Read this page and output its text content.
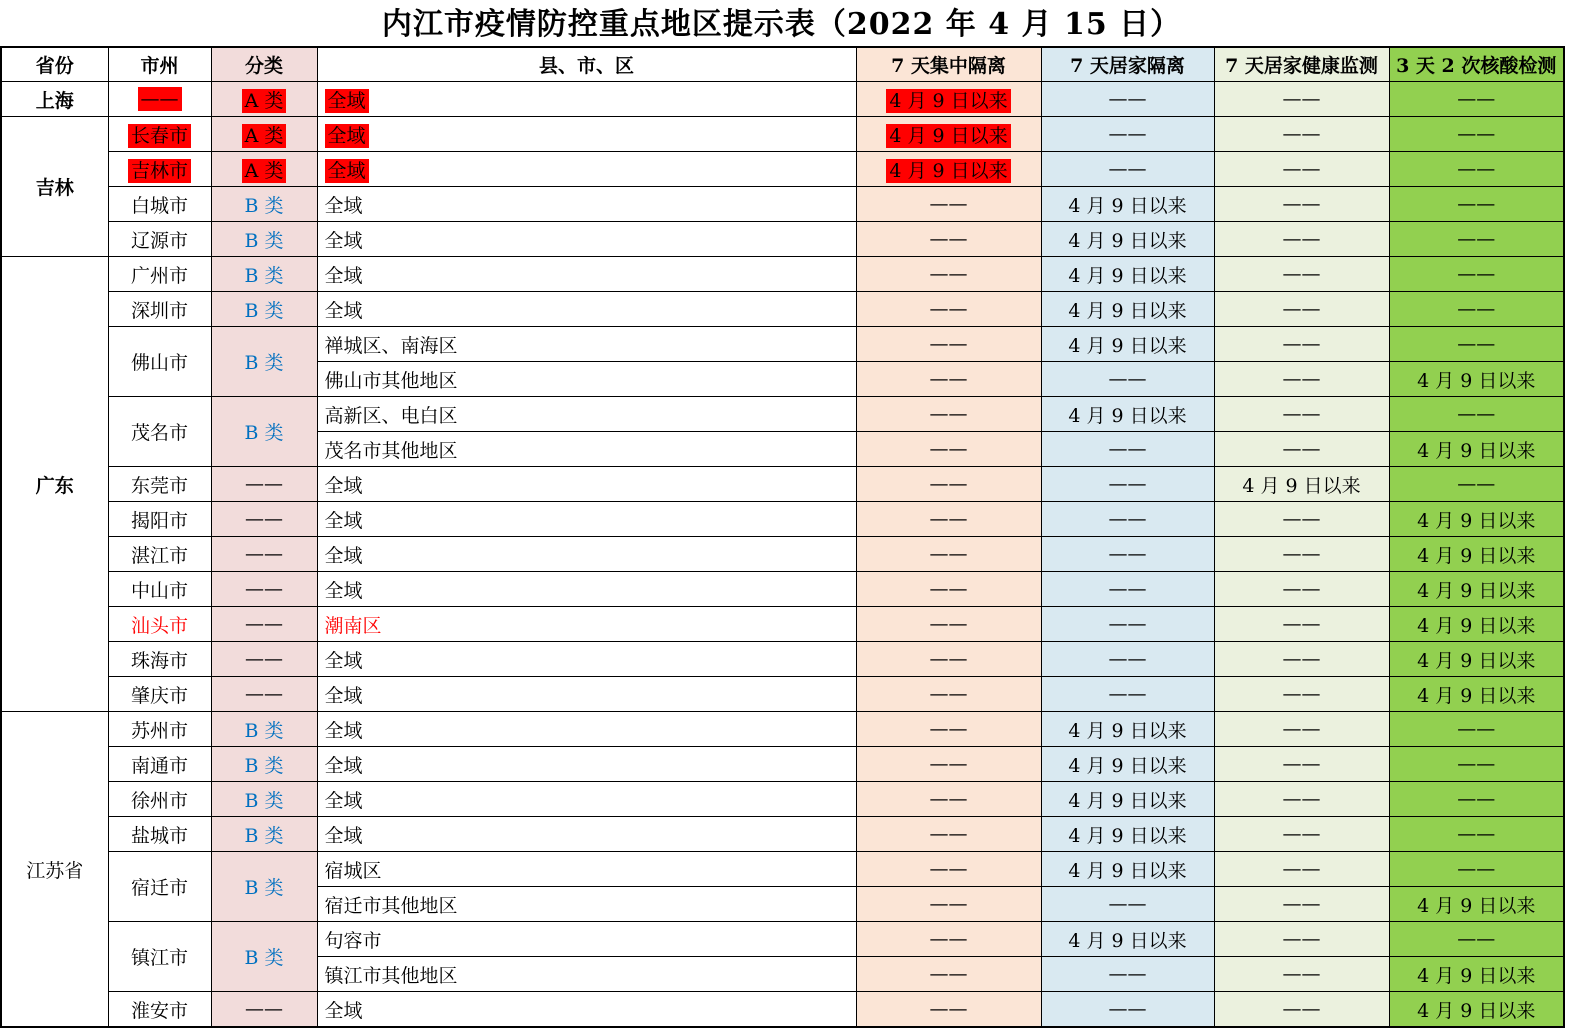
内江市疫情防控重点地区提示表（2022 年 4 月 15 日）
省份	市州	分类	县、市、区	7 天集中隔离	7 天居家隔离	7 天居家健康监测	3 天 2 次核酸检测
上海	——	A 类	全域	4 月 9 日以来	——	——	——
吉林	长春市	A 类	全域	4 月 9 日以来	——	——	——
	吉林市	A 类	全域	4 月 9 日以来	——	——	——
	白城市	B 类	全域	——	4 月 9 日以来	——	——
	辽源市	B 类	全域	——	4 月 9 日以来	——	——
广东	广州市	B 类	全域	——	4 月 9 日以来	——	——
	深圳市	B 类	全域	——	4 月 9 日以来	——	——
	佛山市	B 类	禅城区、南海区	——	4 月 9 日以来	——	——
			佛山市其他地区	——	——	——	4 月 9 日以来
	茂名市	B 类	高新区、电白区	——	4 月 9 日以来	——	——
			茂名市其他地区	——	——	——	4 月 9 日以来
	东莞市	——	全域	——	——	4 月 9 日以来	——
	揭阳市	——	全域	——	——	——	4 月 9 日以来
	湛江市	——	全域	——	——	——	4 月 9 日以来
	中山市	——	全域	——	——	——	4 月 9 日以来
	汕头市	——	潮南区	——	——	——	4 月 9 日以来
	珠海市	——	全域	——	——	——	4 月 9 日以来
	肇庆市	——	全域	——	——	——	4 月 9 日以来
江苏省	苏州市	B 类	全域	——	4 月 9 日以来	——	——
	南通市	B 类	全域	——	4 月 9 日以来	——	——
	徐州市	B 类	全域	——	4 月 9 日以来	——	——
	盐城市	B 类	全域	——	4 月 9 日以来	——	——
	宿迁市	B 类	宿城区	——	4 月 9 日以来	——	——
			宿迁市其他地区	——	——	——	4 月 9 日以来
	镇江市	B 类	句容市	——	4 月 9 日以来	——	——
			镇江市其他地区	——	——	——	4 月 9 日以来
	淮安市	——	全域	——	——	——	4 月 9 日以来
